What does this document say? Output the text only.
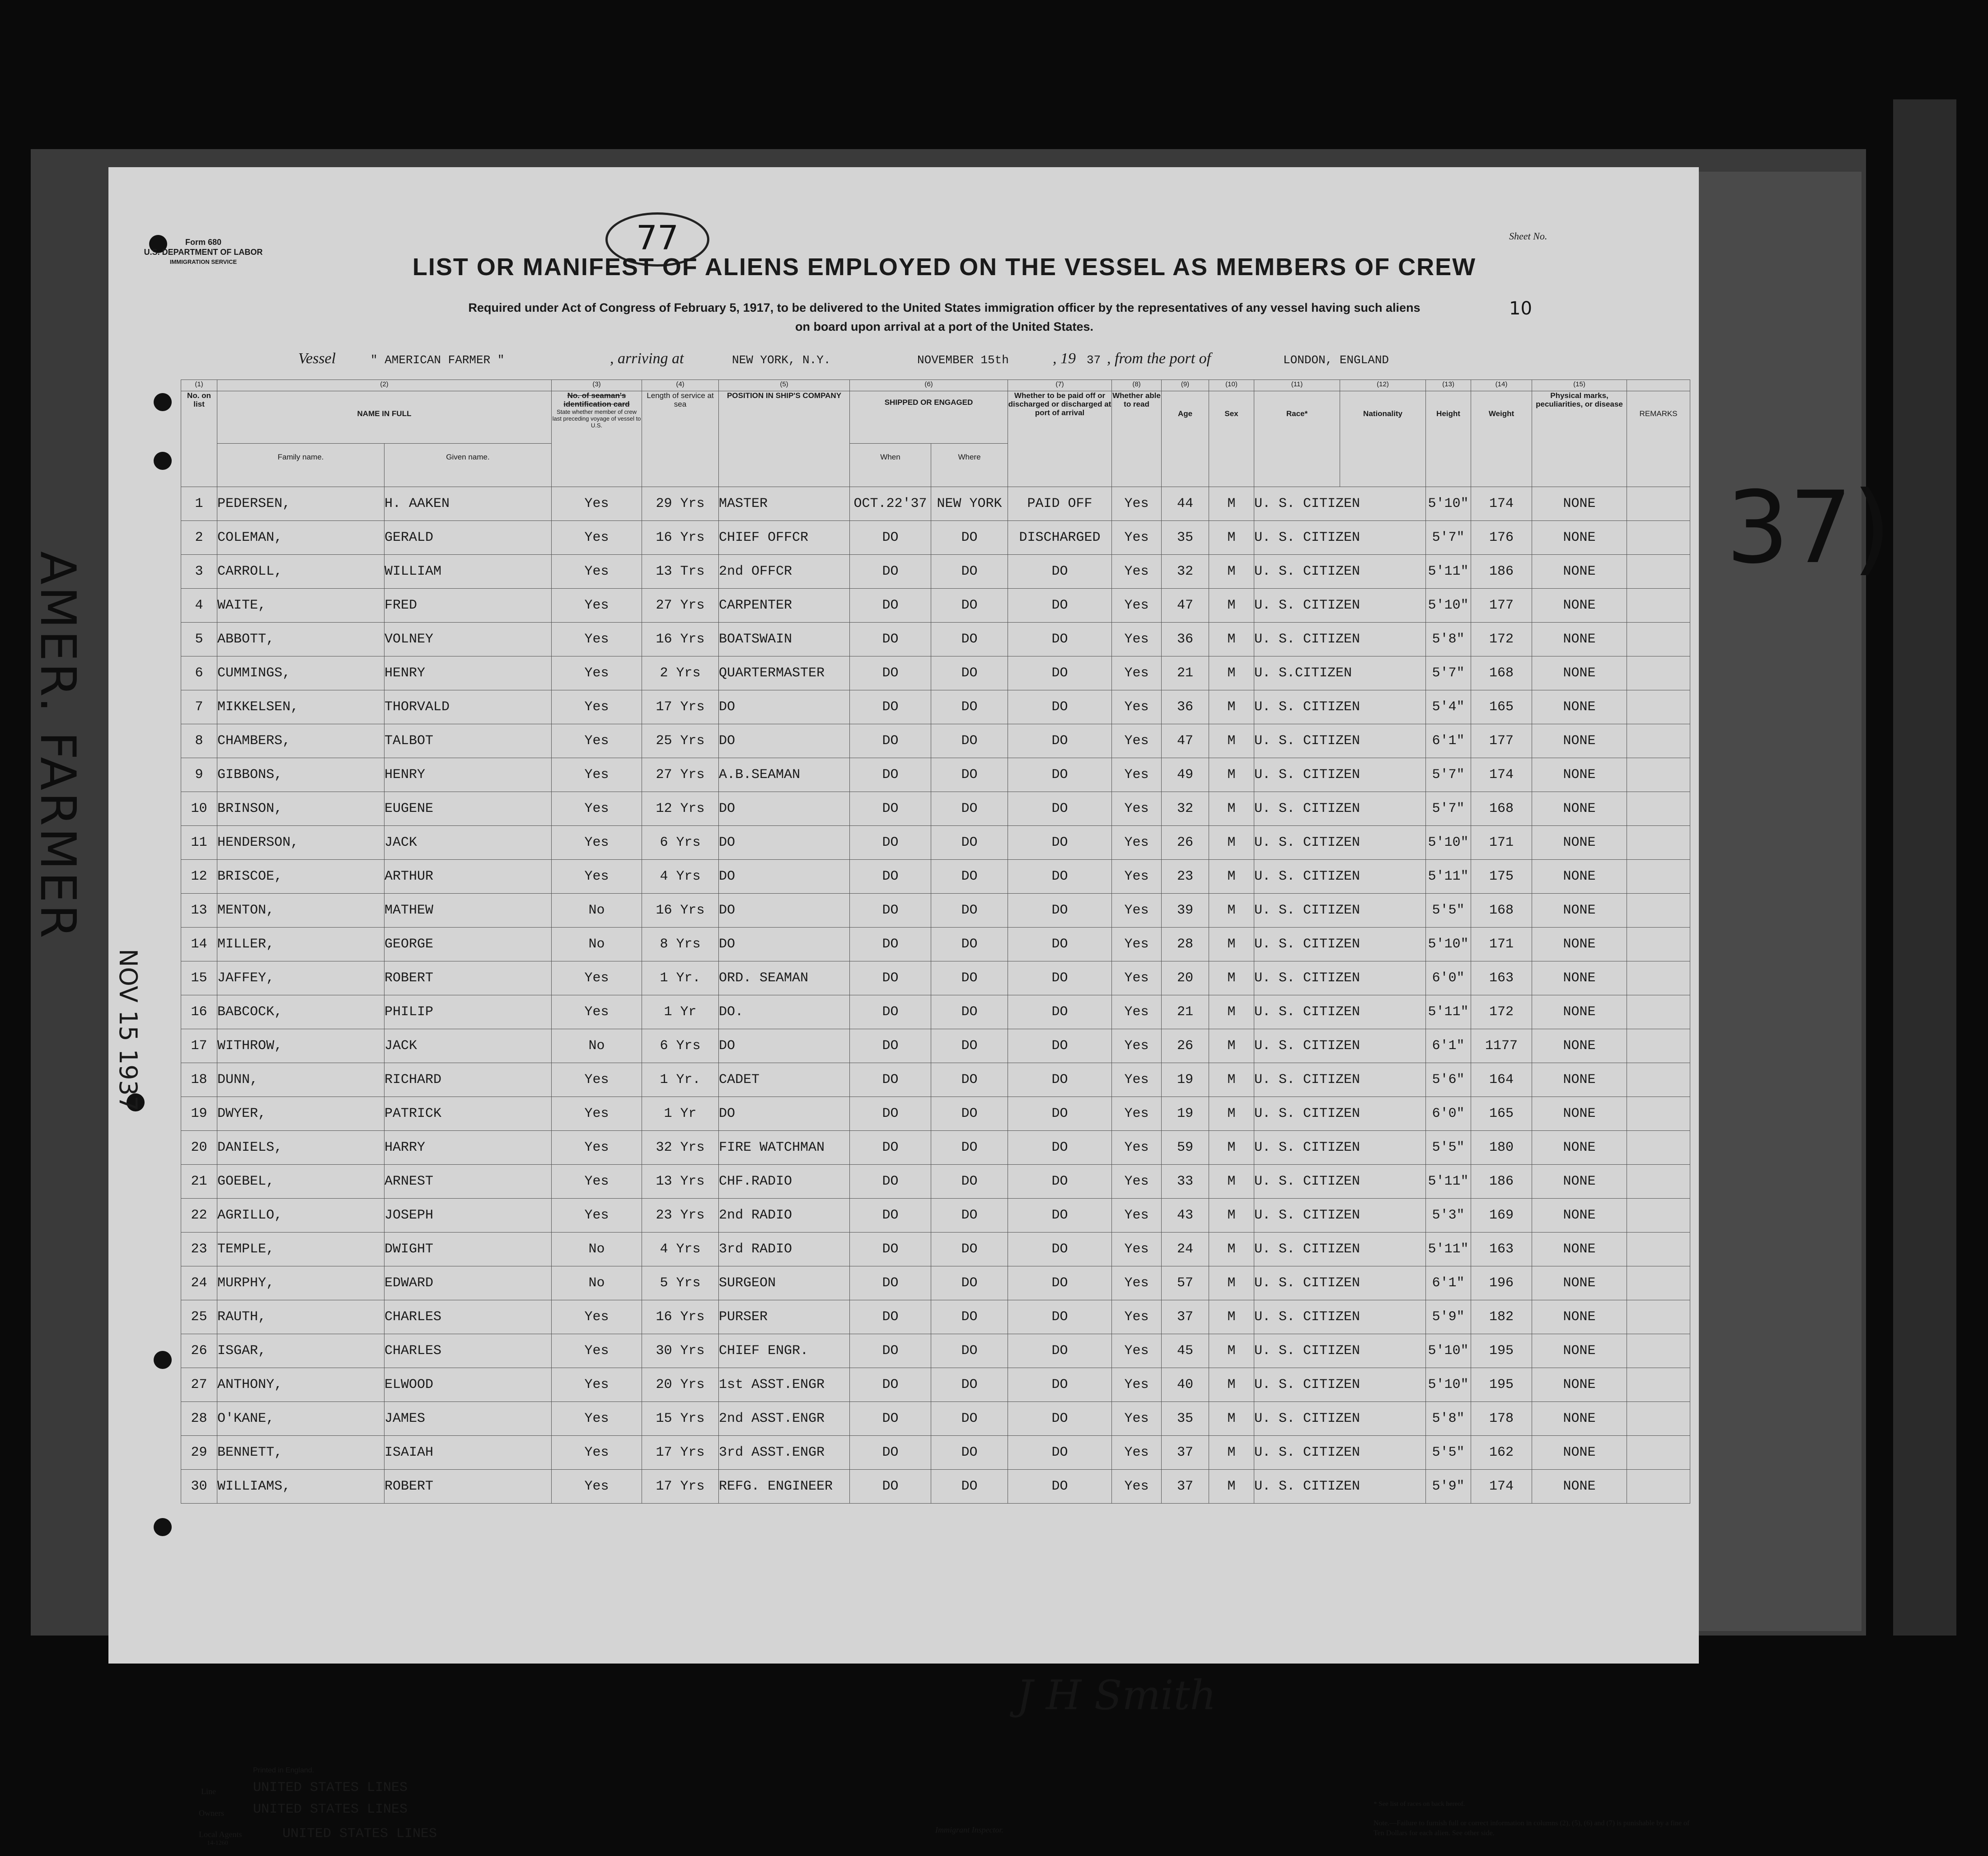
Form 680
U.S. DEPARTMENT OF LABOR
IMMIGRATION SERVICE
77	Sheet No.
10
LIST OR MANIFEST OF ALIENS EMPLOYED ON THE VESSEL AS MEMBERS OF CREW
Required under Act of Congress of February 5, 1917, to be delivered to the United States immigration officer by the representatives of any vessel having such aliens
on board upon arrival at a port of the United States.
Vessel	" AMERICAN FARMER "	, arriving at	NEW YORK, N.Y.	NOVEMBER 15th	, 19 37 , from the port of	LONDON, ENGLAND
(1)	(2)		(3)	(4)	(5)	(6)		(7)	(8)	(9)	(10)	(11)	(12)	(13)	(14)	(15)	
No. on list	NAME IN FULL		No. of seaman's identification card
State whether member of crew last preceding voyage of vessel to U.S.	Length of service at sea	POSITION IN SHIP'S COMPANY	SHIPPED OR ENGAGED		Whether to be paid off or discharged or discharged at port of arrival	Whether able to read	Age	Sex	Race*	Nationality	Height	Weight	Physical marks, peculiarities, or disease	REMARKS
	Family name.	Given name.				When	Where										
1	PEDERSEN,	H. AAKEN	Yes	29 Yrs	MASTER	OCT.22'37	NEW YORK	PAID OFF	Yes	44	M	U. S. CITIZEN		5'10"	174	NONE	
2	COLEMAN,	GERALD	Yes	16 Yrs	CHIEF OFFCR	DO	DO	DISCHARGED	Yes	35	M	U. S. CITIZEN		5'7"	176	NONE	
3	CARROLL,	WILLIAM	Yes	13 Trs	2nd OFFCR	DO	DO	DO	Yes	32	M	U. S. CITIZEN		5'11"	186	NONE	
4	WAITE,	FRED	Yes	27 Yrs	CARPENTER	DO	DO	DO	Yes	47	M	U. S. CITIZEN		5'10"	177	NONE	
5	ABBOTT,	VOLNEY	Yes	16 Yrs	BOATSWAIN	DO	DO	DO	Yes	36	M	U. S. CITIZEN		5'8"	172	NONE	
6	CUMMINGS,	HENRY	Yes	2 Yrs	QUARTERMASTER	DO	DO	DO	Yes	21	M	U. S.CITIZEN		5'7"	168	NONE	
7	MIKKELSEN,	THORVALD	Yes	17 Yrs	DO	DO	DO	DO	Yes	36	M	U. S. CITIZEN		5'4"	165	NONE	
8	CHAMBERS,	TALBOT	Yes	25 Yrs	DO	DO	DO	DO	Yes	47	M	U. S. CITIZEN		6'1"	177	NONE	
9	GIBBONS,	HENRY	Yes	27 Yrs	A.B.SEAMAN	DO	DO	DO	Yes	49	M	U. S. CITIZEN		5'7"	174	NONE	
10	BRINSON,	EUGENE	Yes	12 Yrs	DO	DO	DO	DO	Yes	32	M	U. S. CITIZEN		5'7"	168	NONE	
11	HENDERSON,	JACK	Yes	6 Yrs	DO	DO	DO	DO	Yes	26	M	U. S. CITIZEN		5'10"	171	NONE	
12	BRISCOE,	ARTHUR	Yes	4 Yrs	DO	DO	DO	DO	Yes	23	M	U. S. CITIZEN		5'11"	175	NONE	
13	MENTON,	MATHEW	No	16 Yrs	DO	DO	DO	DO	Yes	39	M	U. S. CITIZEN		5'5"	168	NONE	
14	MILLER,	GEORGE	No	8 Yrs	DO	DO	DO	DO	Yes	28	M	U. S. CITIZEN		5'10"	171	NONE	
15	JAFFEY,	ROBERT	Yes	1 Yr.	ORD. SEAMAN	DO	DO	DO	Yes	20	M	U. S. CITIZEN		6'0"	163	NONE	
16	BABCOCK,	PHILIP	Yes	1 Yr	DO.	DO	DO	DO	Yes	21	M	U. S. CITIZEN		5'11"	172	NONE	
17	WITHROW,	JACK	No	6 Yrs	DO	DO	DO	DO	Yes	26	M	U. S. CITIZEN		6'1"	1177	NONE	
18	DUNN,	RICHARD	Yes	1 Yr.	CADET	DO	DO	DO	Yes	19	M	U. S. CITIZEN		5'6"	164	NONE	
19	DWYER,	PATRICK	Yes	1 Yr	DO	DO	DO	DO	Yes	19	M	U. S. CITIZEN		6'0"	165	NONE	
20	DANIELS,	HARRY	Yes	32 Yrs	FIRE WATCHMAN	DO	DO	DO	Yes	59	M	U. S. CITIZEN		5'5"	180	NONE	
21	GOEBEL,	ARNEST	Yes	13 Yrs	CHF.RADIO	DO	DO	DO	Yes	33	M	U. S. CITIZEN		5'11"	186	NONE	
22	AGRILLO,	JOSEPH	Yes	23 Yrs	2nd RADIO	DO	DO	DO	Yes	43	M	U. S. CITIZEN		5'3"	169	NONE	
23	TEMPLE,	DWIGHT	No	4 Yrs	3rd RADIO	DO	DO	DO	Yes	24	M	U. S. CITIZEN		5'11"	163	NONE	
24	MURPHY,	EDWARD	No	5 Yrs	SURGEON	DO	DO	DO	Yes	57	M	U. S. CITIZEN		6'1"	196	NONE	
25	RAUTH,	CHARLES	Yes	16 Yrs	PURSER	DO	DO	DO	Yes	37	M	U. S. CITIZEN		5'9"	182	NONE	
26	ISGAR,	CHARLES	Yes	30 Yrs	CHIEF ENGR.	DO	DO	DO	Yes	45	M	U. S. CITIZEN		5'10"	195	NONE	
27	ANTHONY,	ELWOOD	Yes	20 Yrs	1st ASST.ENGR	DO	DO	DO	Yes	40	M	U. S. CITIZEN		5'10"	195	NONE	
28	O'KANE,	JAMES	Yes	15 Yrs	2nd ASST.ENGR	DO	DO	DO	Yes	35	M	U. S. CITIZEN		5'8"	178	NONE	
29	BENNETT,	ISAIAH	Yes	17 Yrs	3rd ASST.ENGR	DO	DO	DO	Yes	37	M	U. S. CITIZEN		5'5"	162	NONE	
30	WILLIAMS,	ROBERT	Yes	17 Yrs	REFG. ENGINEER	DO	DO	DO	Yes	37	M	U. S. CITIZEN		5'9"	174	NONE	
J H Smith
Printed in England.
Line	UNITED STATES LINES
Owners UNITED STATES LINES
Local Agents
14-1260
UNITED STATES LINES	Immigrant Inspector.
* See list of races on back hereof.
Note.—Failure to furnish full or correct information in columns (2), (5), (6) and (7) is punishable by a fine of Ten Dollars for each alien. See other side.
AMER. FARMER
NOV 15 1937
37)
